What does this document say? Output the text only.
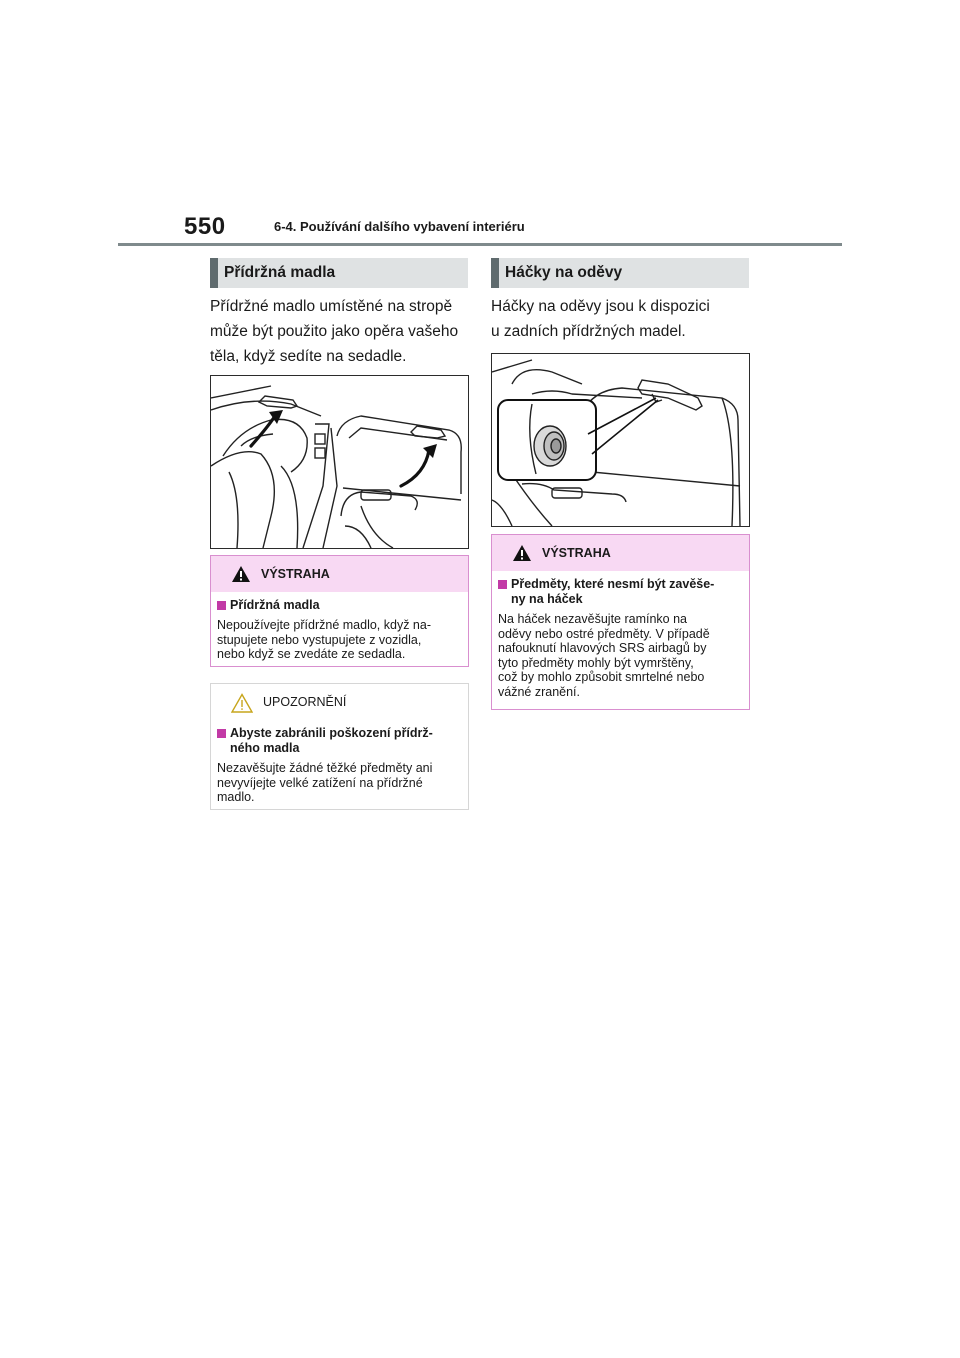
550	6-4. Používání dalšího vybavení interiéru
Přídržná madla
Přídržné madlo umístěné na stropě
může být použito jako opěra vašeho
těla, když sedíte na sedadle.
VÝSTRAHA
Přídržná madla
Nepoužívejte přídržné madlo, když na-
stupujete nebo vystupujete z vozidla,
nebo když se zvedáte ze sedadla.
UPOZORNĚNÍ
Abyste zabránili poškození přídrž-
ného madla
Nezavěšujte žádné těžké předměty ani
nevyvíjejte velké zatížení na přídržné
madlo.
Háčky na oděvy
Háčky na oděvy jsou k dispozici
u zadních přídržných madel.
VÝSTRAHA
Předměty, které nesmí být zavěše-
ny na háček
Na háček nezavěšujte ramínko na
oděvy nebo ostré předměty. V případě
nafouknutí hlavových SRS airbagů by
tyto předměty mohly být vymrštěny,
což by mohlo způsobit smrtelné nebo
vážné zranění.
